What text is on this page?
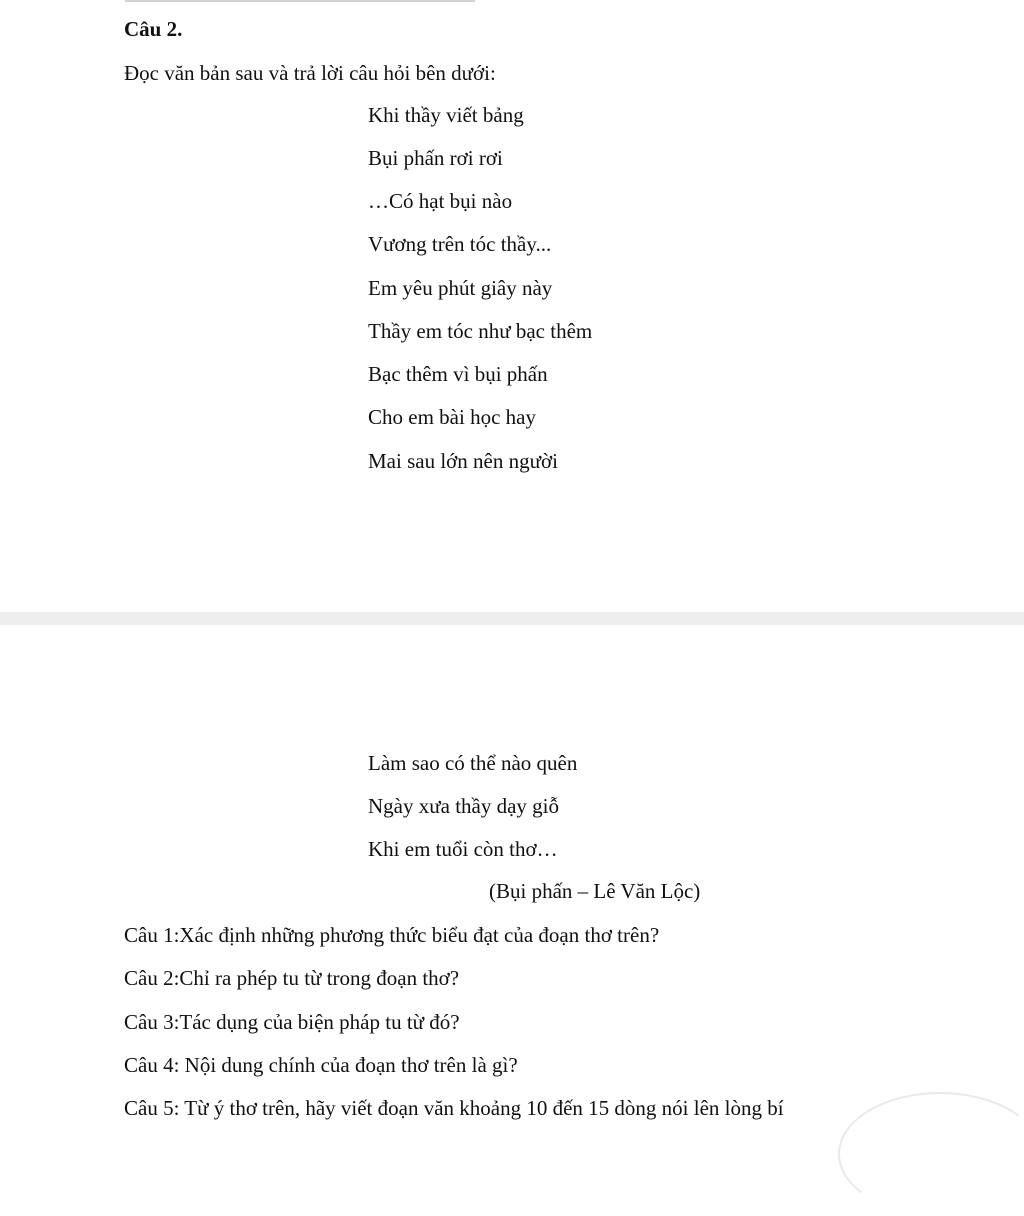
Câu 2.

Đọc văn bản sau và trả lời câu hỏi bên dưới:

Khi thầy viết bảng

Bụi phấn rơi rơi

…Có hạt bụi nào

Vương trên tóc thầy...

Em yêu phút giây này

Thầy em tóc như bạc thêm

Bạc thêm vì bụi phấn

Cho em bài học hay

Mai sau lớn nên người

Làm sao có thể nào quên

Ngày xưa thầy dạy giỗ

Khi em tuổi còn thơ…

(Bụi phấn – Lê Văn Lộc)

Câu 1:Xác định những phương thức biểu đạt của đoạn thơ trên?

Câu 2:Chỉ ra phép tu từ trong đoạn thơ?

Câu 3:Tác dụng của biện pháp tu từ đó?

Câu 4: Nội dung chính của đoạn thơ trên là gì?

Câu 5: Từ ý thơ trên, hãy viết đoạn văn khoảng 10 đến 15 dòng nói lên lòng bí
